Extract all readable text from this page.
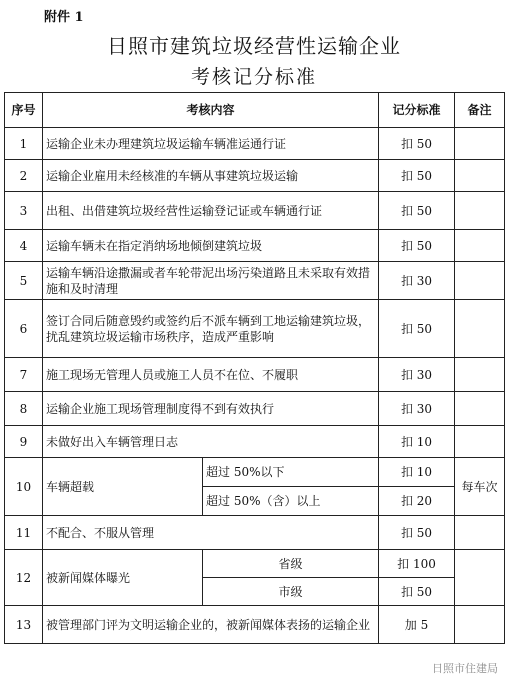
附件 1
日照市建筑垃圾经营性运输企业
考核记分标准
序号	考核内容		记分标准	备注
1	运输企业未办理建筑垃圾运输车辆准运通行证		扣 50	
2	运输企业雇用未经核准的车辆从事建筑垃圾运输		扣 50	
3	出租、出借建筑垃圾经营性运输登记证或车辆通行证		扣 50	
4	运输车辆未在指定消纳场地倾倒建筑垃圾		扣 50	
5	运输车辆沿途撒漏或者车轮带泥出场污染道路且未采取有效措施和及时清理		扣 30	
6	签订合同后随意毁约或签约后不派车辆到工地运输建筑垃圾，扰乱建筑垃圾运输市场秩序，造成严重影响		扣 50	
7	施工现场无管理人员或施工人员不在位、不履职		扣 30	
8	运输企业施工现场管理制度得不到有效执行		扣 30	
9	未做好出入车辆管理日志		扣 10	
10	车辆超载	超过 50%以下	扣 10	每车次
		超过 50%（含）以上	扣 20	
11	不配合、不服从管理		扣 50	
12	被新闻媒体曝光	省级	扣 100	
		市级	扣 50	
13	被管理部门评为文明运输企业的，被新闻媒体表扬的运输企业		加 5	
日照市住建局
